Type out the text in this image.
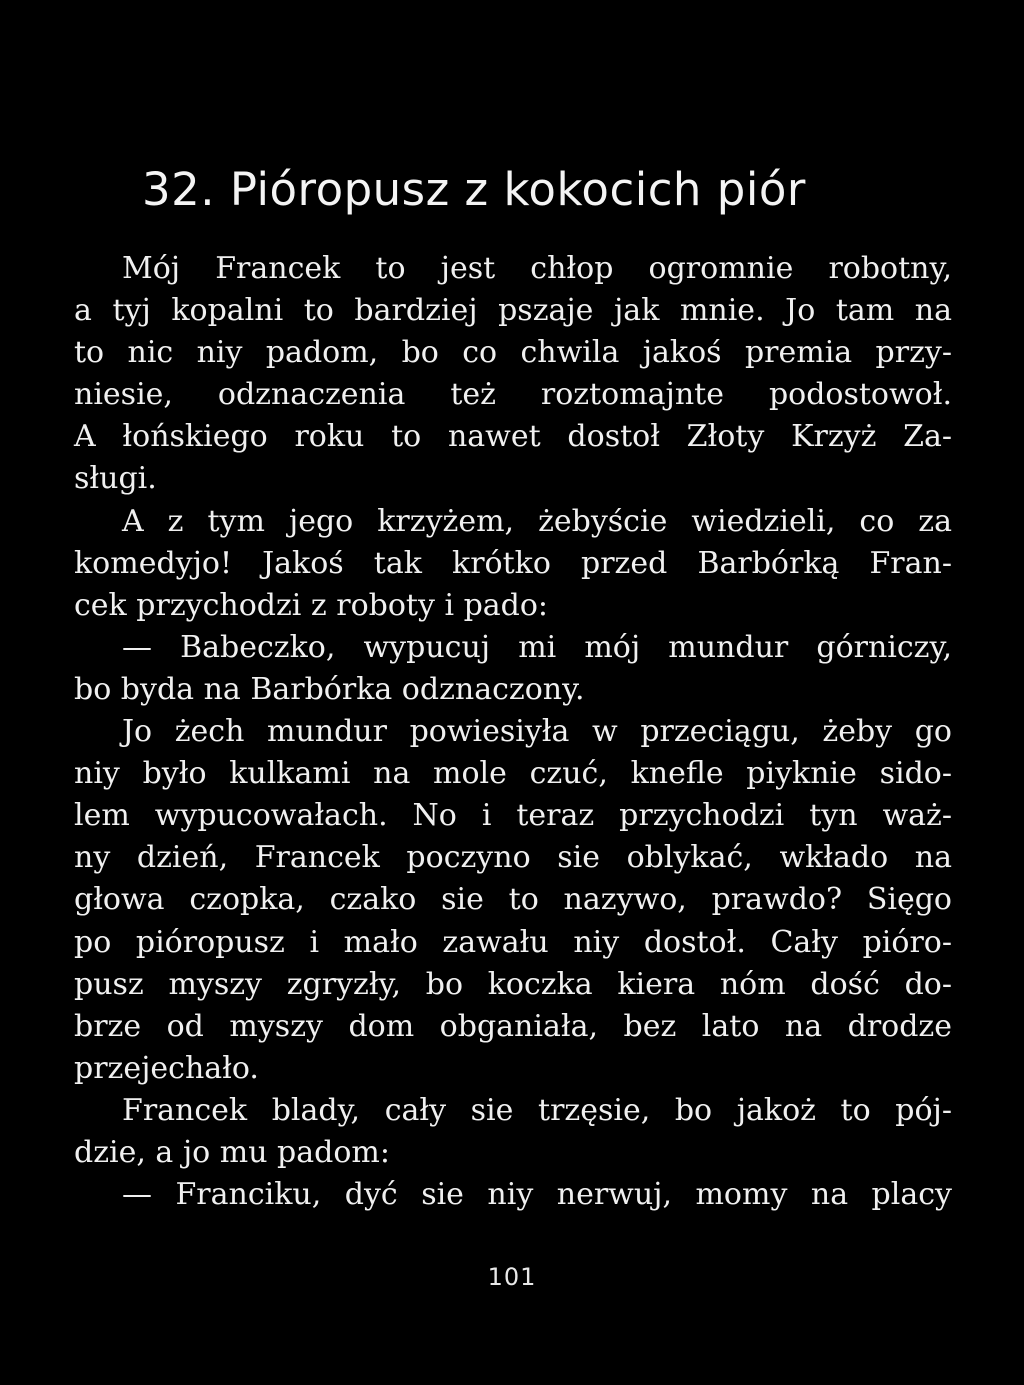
32. Pióropusz z kokocich piór
Mój Francek to jest chłop ogromnie robotny,
a tyj kopalni to bardziej pszaje jak mnie. Jo tam na
to nic niy padom, bo co chwila jakoś premia przy-
niesie, odznaczenia też roztomajnte podostowoł.
A łońskiego roku to nawet dostoł Złoty Krzyż Za-
sługi.
A z tym jego krzyżem, żebyście wiedzieli, co za
komedyjo! Jakoś tak krótko przed Barbórką Fran-
cek przychodzi z roboty i pado:
— Babeczko, wypucuj mi mój mundur górniczy,
bo byda na Barbórka odznaczony.
Jo żech mundur powiesiyła w przeciągu, żeby go
niy było kulkami na mole czuć, knefle piyknie sido-
lem wypucowałach. No i teraz przychodzi tyn waż-
ny dzień, Francek poczyno sie oblykać, wkłado na
głowa czopka, czako sie to nazywo, prawdo? Sięgo
po pióropusz i mało zawału niy dostoł. Cały pióro-
pusz myszy zgryzły, bo koczka kiera nóm dość do-
brze od myszy dom obganiała, bez lato na drodze
przejechało.
Francek blady, cały sie trzęsie, bo jakoż to pój-
dzie, a jo mu padom:
— Franciku, dyć sie niy nerwuj, momy na placy
101
